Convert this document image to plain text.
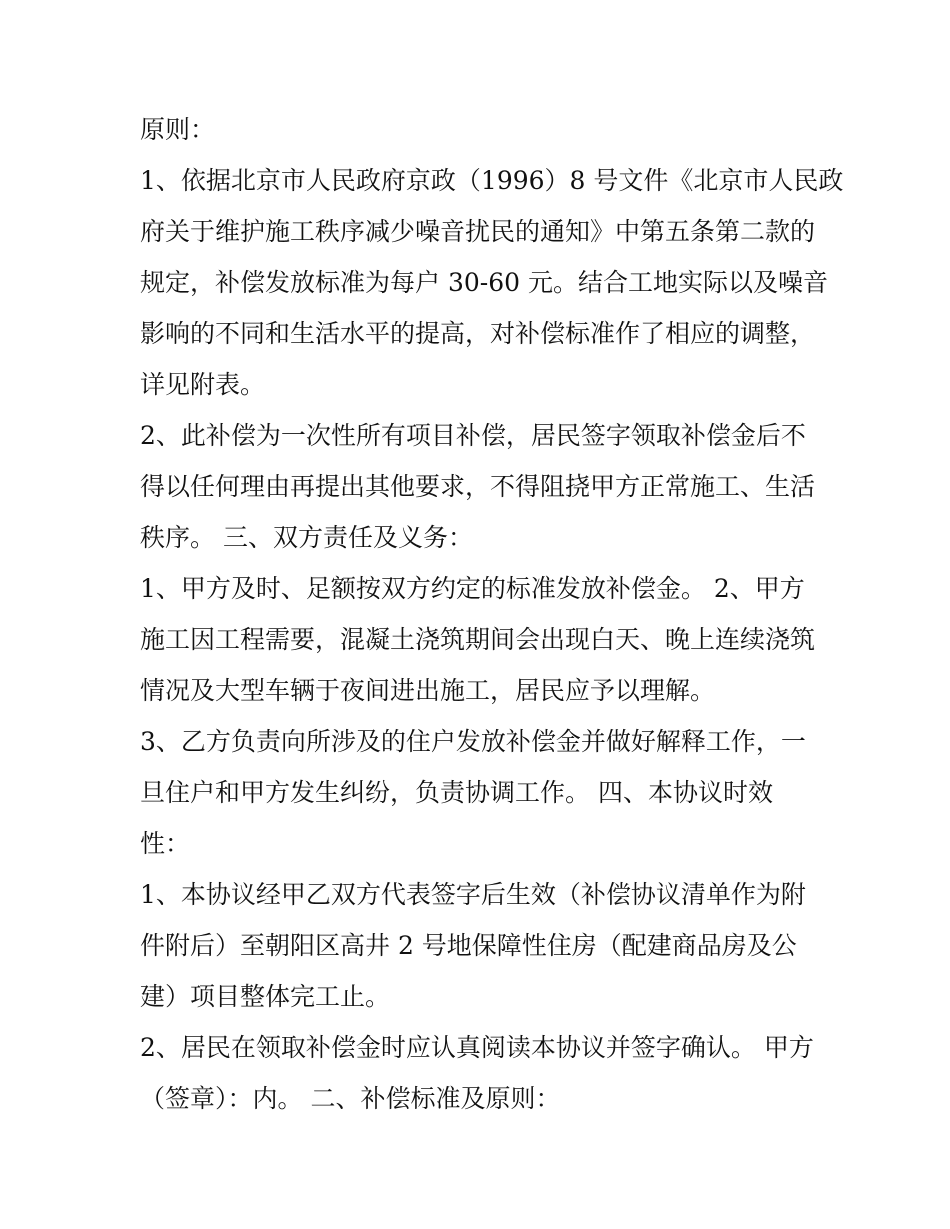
原则：
1、依据北京市人民政府京政（1996）8 号文件《北京市人民政
府关于维护施工秩序减少噪音扰民的通知》中第五条第二款的
规定，补偿发放标准为每户 30-60 元。结合工地实际以及噪音
影响的不同和生活水平的提高，对补偿标准作了相应的调整，
详见附表。
2、此补偿为一次性所有项目补偿，居民签字领取补偿金后不
得以任何理由再提出其他要求，不得阻挠甲方正常施工、生活
秩序。 三、双方责任及义务：
1、甲方及时、足额按双方约定的标准发放补偿金。 2、甲方
施工因工程需要，混凝土浇筑期间会出现白天、晚上连续浇筑
情况及大型车辆于夜间进出施工，居民应予以理解。
3、乙方负责向所涉及的住户发放补偿金并做好解释工作，一
旦住户和甲方发生纠纷，负责协调工作。 四、本协议时效
性：
1、本协议经甲乙双方代表签字后生效（补偿协议清单作为附
件附后）至朝阳区高井 2 号地保障性住房（配建商品房及公
建）项目整体完工止。
2、居民在领取补偿金时应认真阅读本协议并签字确认。 甲方
（签章）：内。 二、补偿标准及原则：
